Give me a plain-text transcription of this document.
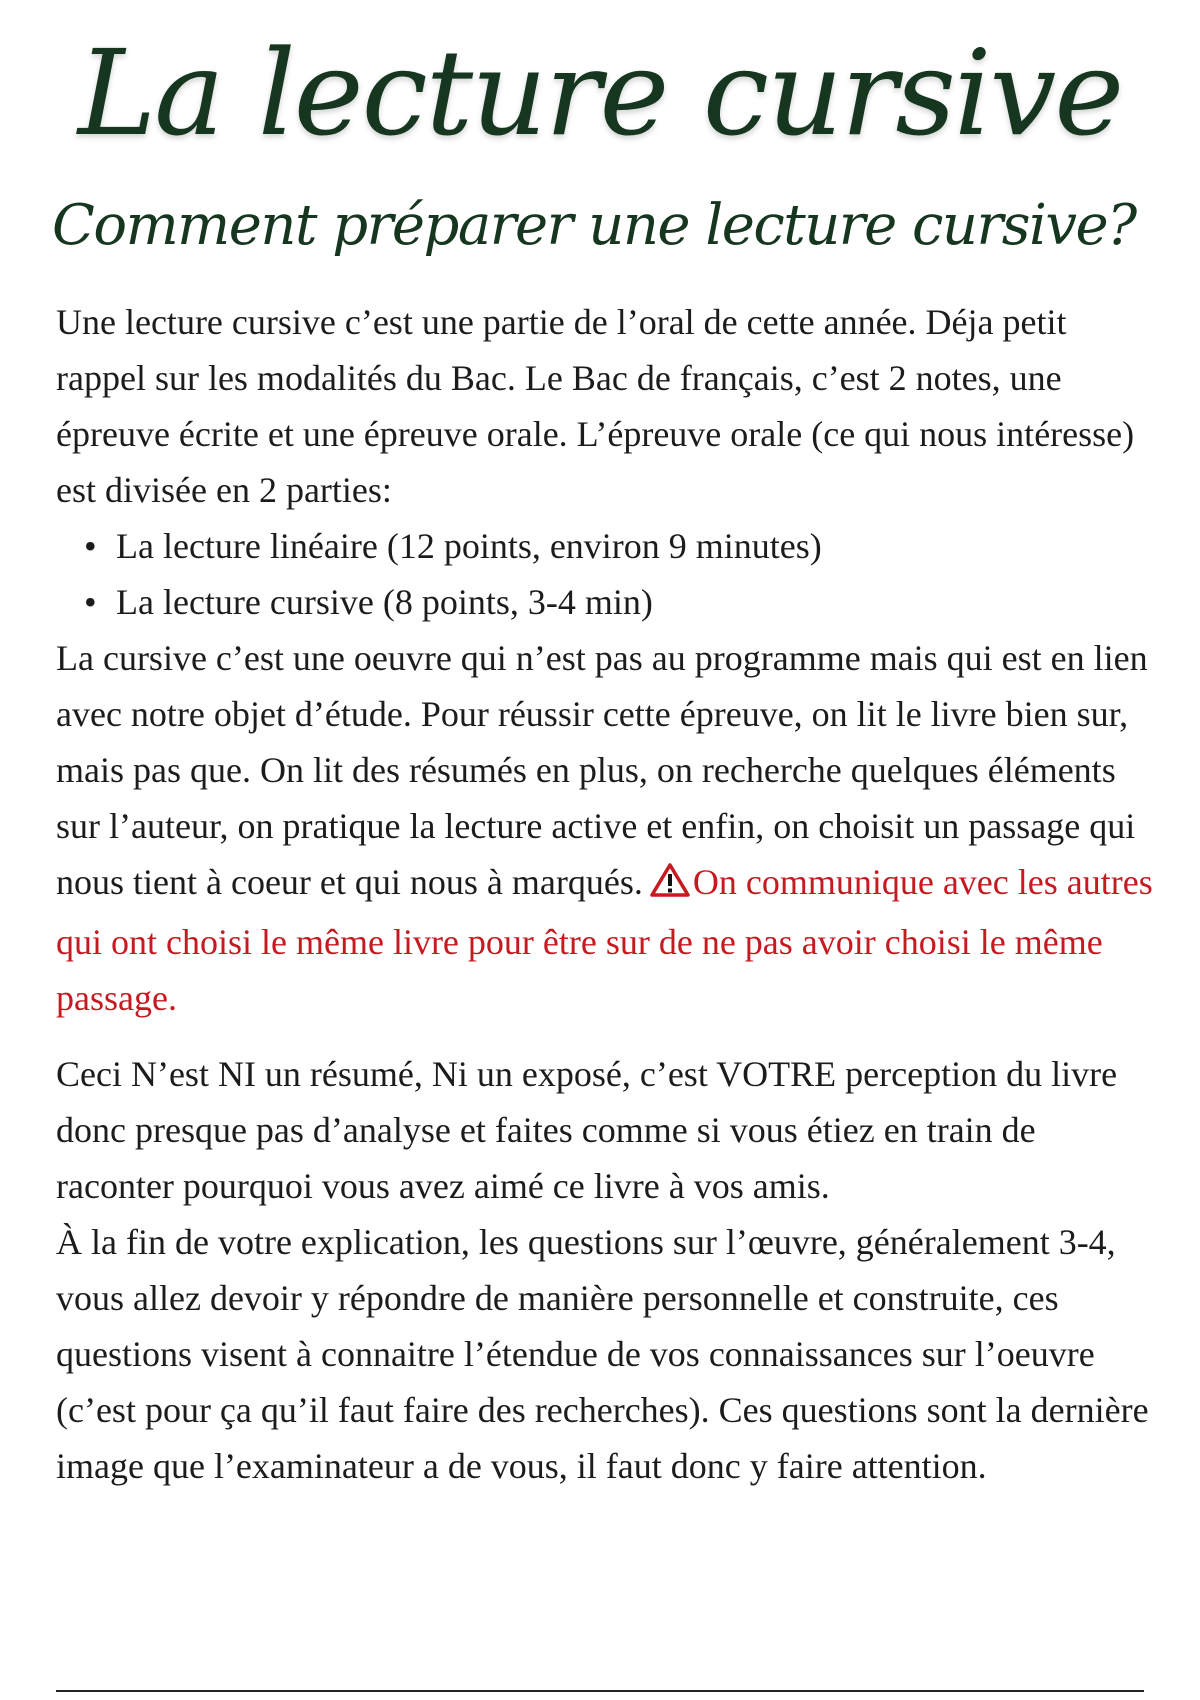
La lecture cursive
Comment préparer une lecture cursive?

Une lecture cursive c’est une partie de l’oral de cette année. Déja petit rappel sur les modalités du Bac. Le Bac de français, c’est 2 notes, une épreuve écrite et une épreuve orale. L’épreuve orale (ce qui nous intéresse) est divisée en 2 parties:

• La lecture linéaire (12 points, environ 9 minutes)
• La lecture cursive (8 points, 3-4 min)

La cursive c’est une oeuvre qui n’est pas au programme mais qui est en lien avec notre objet d’étude. Pour réussir cette épreuve, on lit le livre bien sur, mais pas que. On lit des résumés en plus, on recherche quelques éléments sur l’auteur, on pratique la lecture active et enfin, on choisit un passage qui nous tient à coeur et qui nous à marqués. On communique avec les autres qui ont choisi le même livre pour être sur de ne pas avoir choisi le même passage.

Ceci N’est NI un résumé, Ni un exposé, c’est VOTRE perception du livre donc presque pas d’analyse et faites comme si vous étiez en train de raconter pourquoi vous avez aimé ce livre à vos amis.

À la fin de votre explication, les questions sur l’œuvre, généralement 3-4, vous allez devoir y répondre de manière personnelle et construite, ces questions visent à connaitre l’étendue de vos connaissances sur l’oeuvre (c’est pour ça qu’il faut faire des recherches). Ces questions sont la dernière image que l’examinateur a de vous, il faut donc y faire attention.
